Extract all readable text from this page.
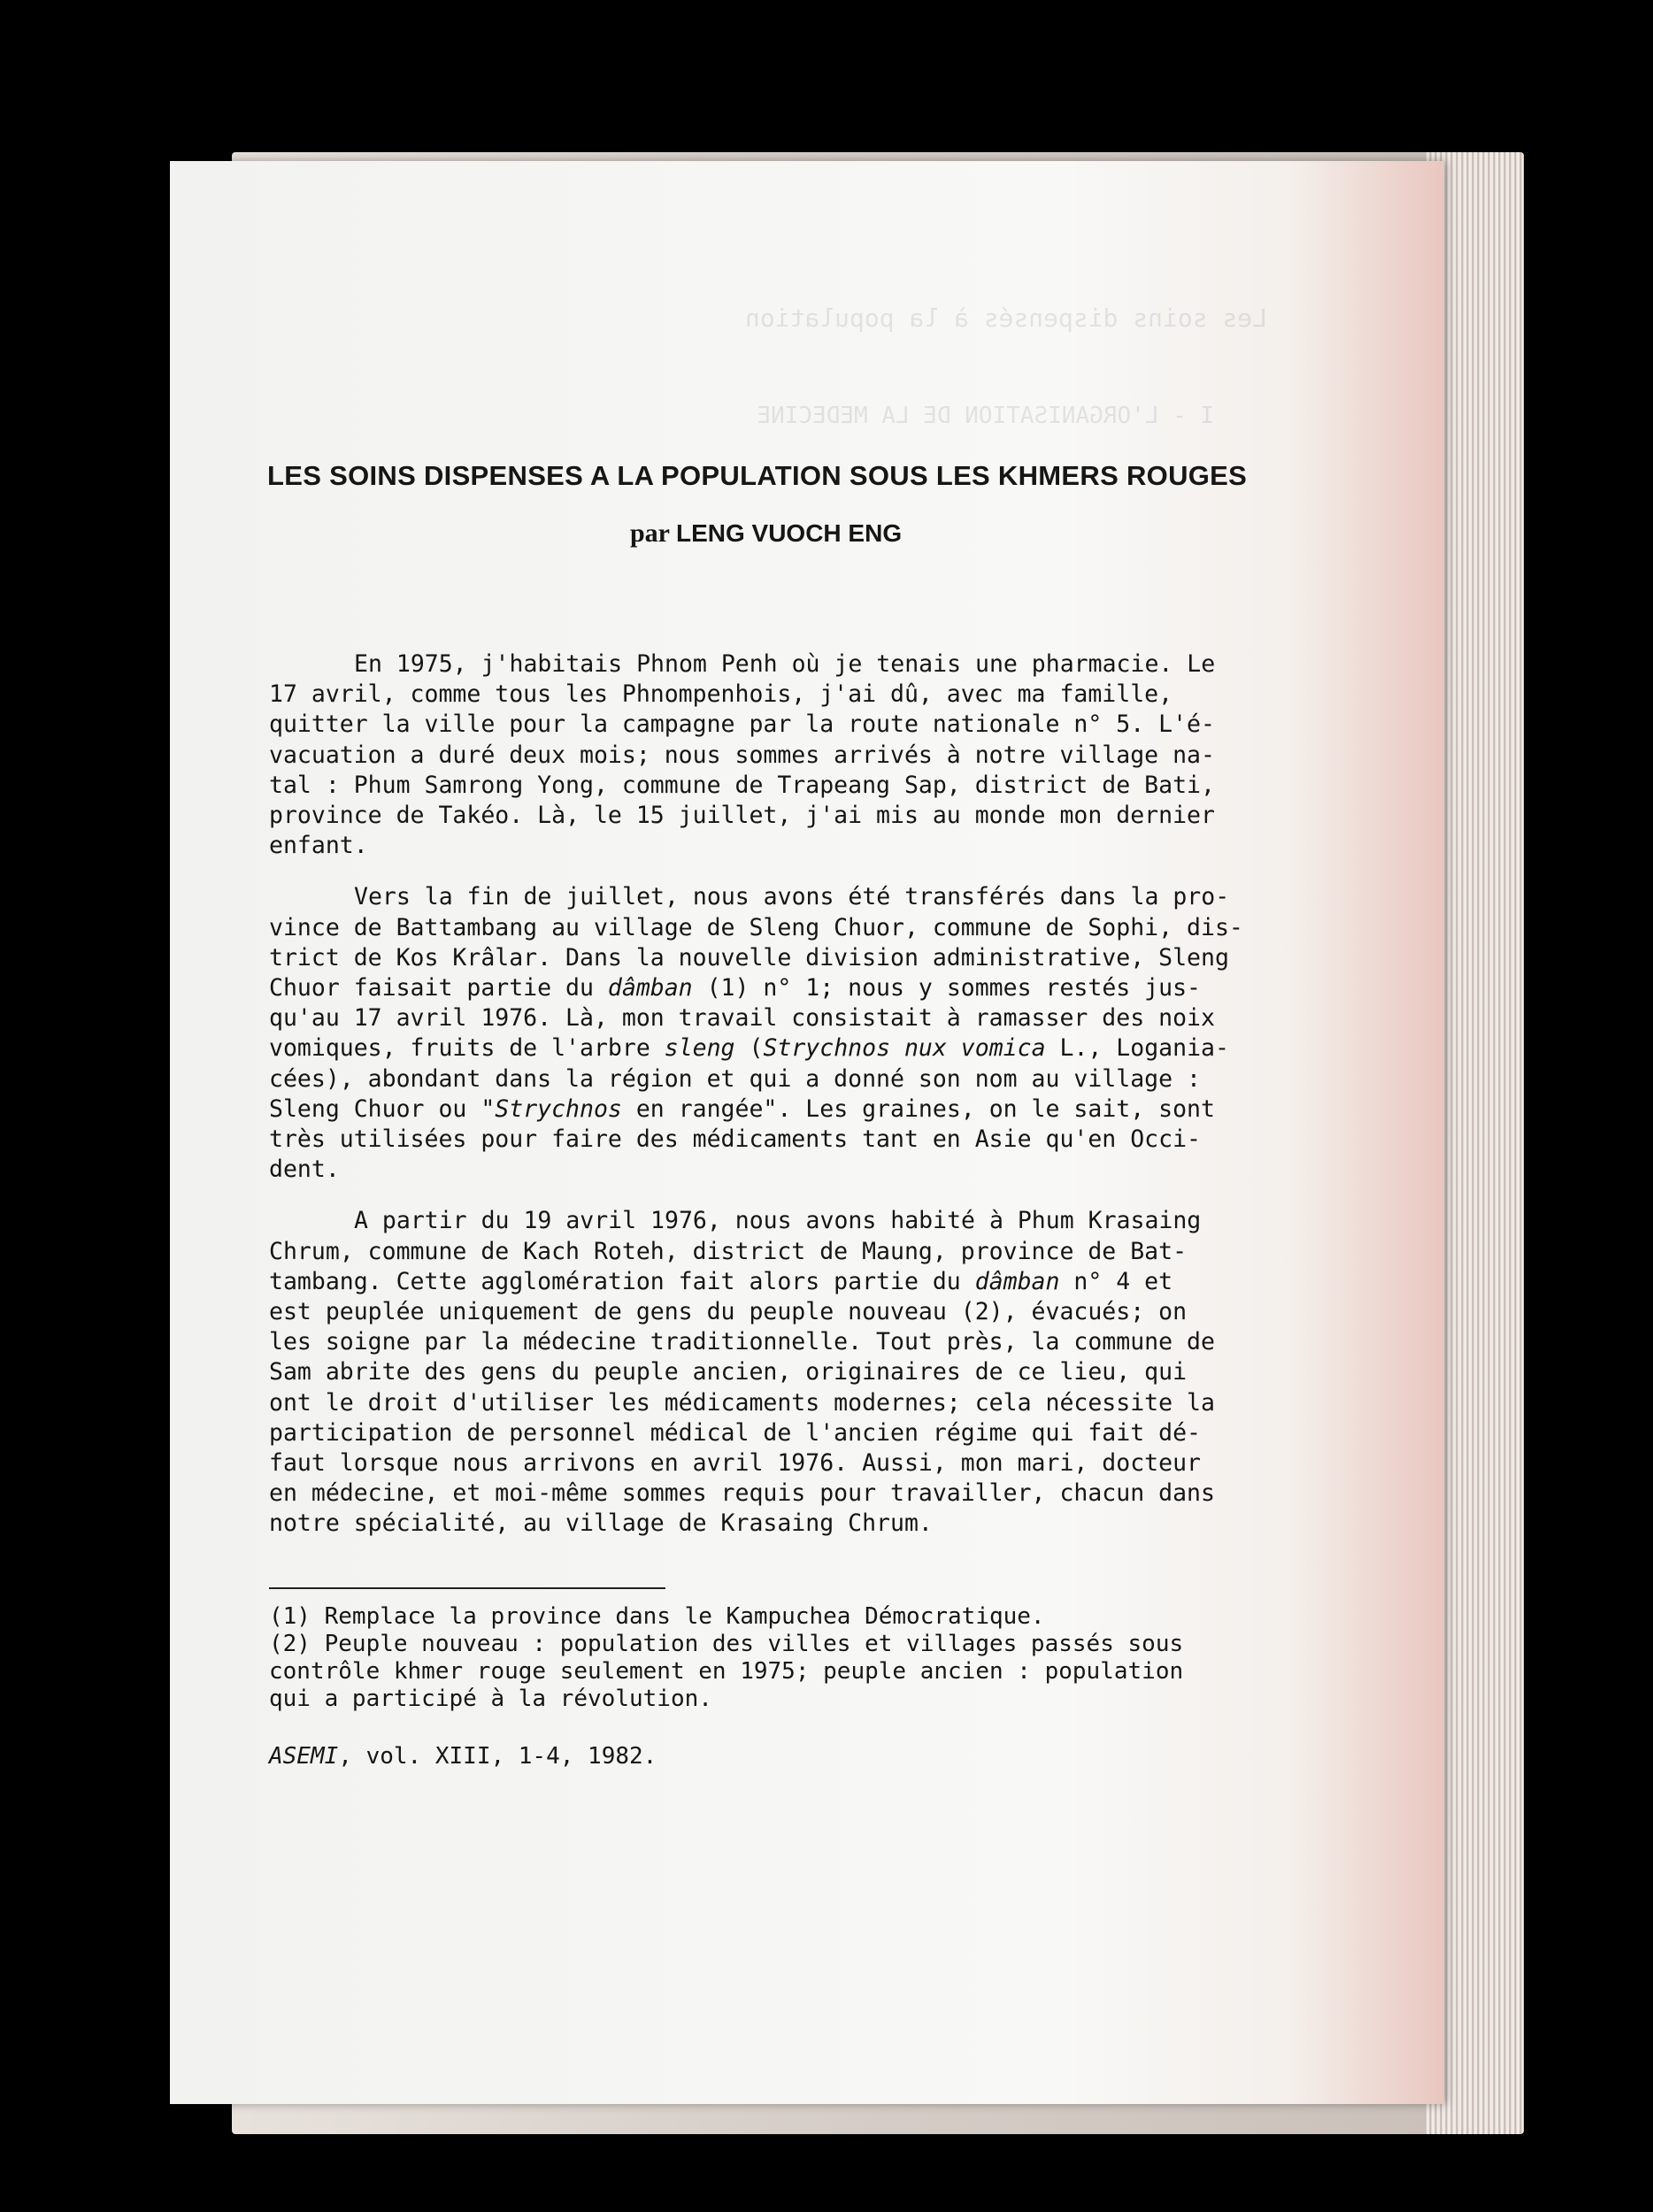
Les soins dispensés à la population
I - L'ORGANISATION DE LA MEDECINE
LES SOINS DISPENSES A LA POPULATION SOUS LES KHMERS ROUGES
par LENG VUOCH ENG

En 1975, j'habitais Phnom Penh où je tenais une pharmacie. Le
17 avril, comme tous les Phnompenhois, j'ai dû, avec ma famille,
quitter la ville pour la campagne par la route nationale n° 5. L'é-
vacuation a duré deux mois; nous sommes arrivés à notre village na-
tal : Phum Samrong Yong, commune de Trapeang Sap, district de Bati,
province de Takéo. Là, le 15 juillet, j'ai mis au monde mon dernier
enfant.

Vers la fin de juillet, nous avons été transférés dans la pro-
vince de Battambang au village de Sleng Chuor, commune de Sophi, dis-
trict de Kos Krâlar. Dans la nouvelle division administrative, Sleng
Chuor faisait partie du dâmban (1) n° 1; nous y sommes restés jus-
qu'au 17 avril 1976. Là, mon travail consistait à ramasser des noix
vomiques, fruits de l'arbre sleng (Strychnos nux vomica L., Logania-
cées), abondant dans la région et qui a donné son nom au village :
Sleng Chuor ou "Strychnos en rangée". Les graines, on le sait, sont
très utilisées pour faire des médicaments tant en Asie qu'en Occi-
dent.

A partir du 19 avril 1976, nous avons habité à Phum Krasaing
Chrum, commune de Kach Roteh, district de Maung, province de Bat-
tambang. Cette agglomération fait alors partie du dâmban n° 4 et
est peuplée uniquement de gens du peuple nouveau (2), évacués; on
les soigne par la médecine traditionnelle. Tout près, la commune de
Sam abrite des gens du peuple ancien, originaires de ce lieu, qui
ont le droit d'utiliser les médicaments modernes; cela nécessite la
participation de personnel médical de l'ancien régime qui fait dé-
faut lorsque nous arrivons en avril 1976. Aussi, mon mari, docteur
en médecine, et moi-même sommes requis pour travailler, chacun dans
notre spécialité, au village de Krasaing Chrum.

(1) Remplace la province dans le Kampuchea Démocratique.
(2) Peuple nouveau : population des villes et villages passés sous
contrôle khmer rouge seulement en 1975; peuple ancien : population
qui a participé à la révolution.
ASEMI, vol. XIII, 1-4, 1982.
